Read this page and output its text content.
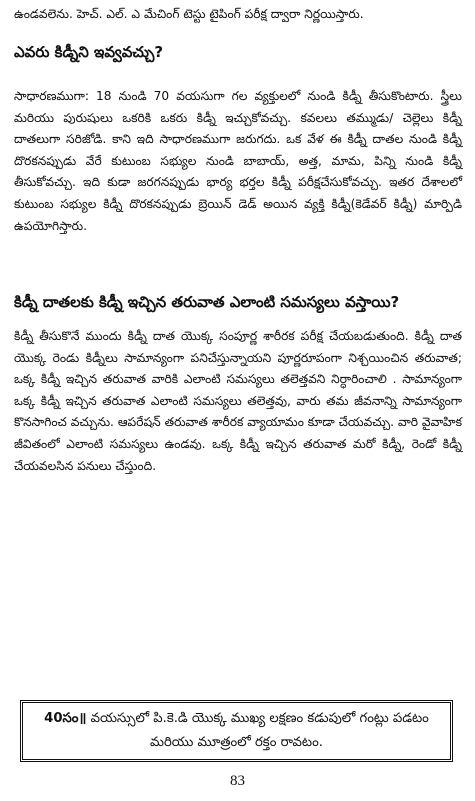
ఉండవలెను. హెచ్. ఎల్. ఎ మేచింగ్ టెస్టు టైపింగ్ పరీక్ష ద్వారా నిర్ణయిస్తారు.

ఎవరు కిడ్నీని ఇవ్వవచ్చు?

సాధారణముగా: 18 నుండి 70 వయసుగా గల వ్యక్తులలో నుండి కిడ్నీ తీసుకొంటారు. స్త్రీలు మరియు పురుషులు ఒకరికి ఒకరు కిడ్నీ ఇచ్చుకోవచ్చు. కవలలు తమ్ముడు/ చెల్లెలు కిడ్నీ దాతలుగా సరిజోడి. కాని ఇది సాధారణముగా జరుగదు. ఒక వేళ ఈ కిడ్నీ దాతల నుండి కిడ్నీ దొరకనప్పుడు వేరే కుటుంబ సభ్యుల నుండి బాబాయ్, అత్త, మామ, పిన్ని నుండి కిడ్నీ తీసుకోవచ్చు. ఇది కుడా జరగనప్పుడు భార్య భర్తల కిడ్నీ పరీక్షచేసుకోవచ్చు. ఇతర దేశాలలో కుటుంబ సభ్యుల కిడ్నీ దొరకనప్పుడు బ్రెయిన్ డెడ్ అయిన వ్యక్తి కిడ్నీ(కెడేవర్ కిడ్నీ) మార్పిడి ఉపయోగిస్తారు.

కిడ్నీ దాతలకు కిడ్నీ ఇచ్చిన తరువాత ఎలాంటి సమస్యలు వస్తాయి?

కిడ్నీ తీసుకొనే ముందు కిడ్నీ దాత యొక్క సంపూర్ణ శారీరక పరీక్ష చేయబడుతుంది. కిడ్నీ దాత యొక్క రెండు కిడ్నీలు సామాన్యంగా పనిచేస్తున్నాయని పూర్ణరూపంగా నిశ్చయించిన తరువాత; ఒక్క కిడ్నీ ఇచ్చిన తరువాత వారికి ఎలాంటి సమస్యలు తలెత్తవని నిర్ధారించాలి . సామాన్యంగా ఒక్క కిడ్నీ ఇచ్చిన తరువాత ఎలాంటి సమస్యలు తలెత్తవు, వారు తమ జీవనాన్ని సామాన్యంగా కొనసాగించ వచ్చును. ఆపరేషన్ తరువాత శారీరక వ్యాయామం కూడా చేయవచ్చు. వారి వైవాహిక జీవితంలో ఎలాంటి సమస్యలు ఉండవు. ఒక్క కిడ్నీ ఇచ్చిన తరువాత మరో కిడ్నీ, రెండో కిడ్నీ చేయవలసిన పనులు చేస్తుంది.

40సం॥ వయస్సులో పి.కె.డి యొక్క ముఖ్య లక్షణం కడుపులో గంట్లు పడటం మరియు మూత్రంలో రక్తం రావటం.
83
